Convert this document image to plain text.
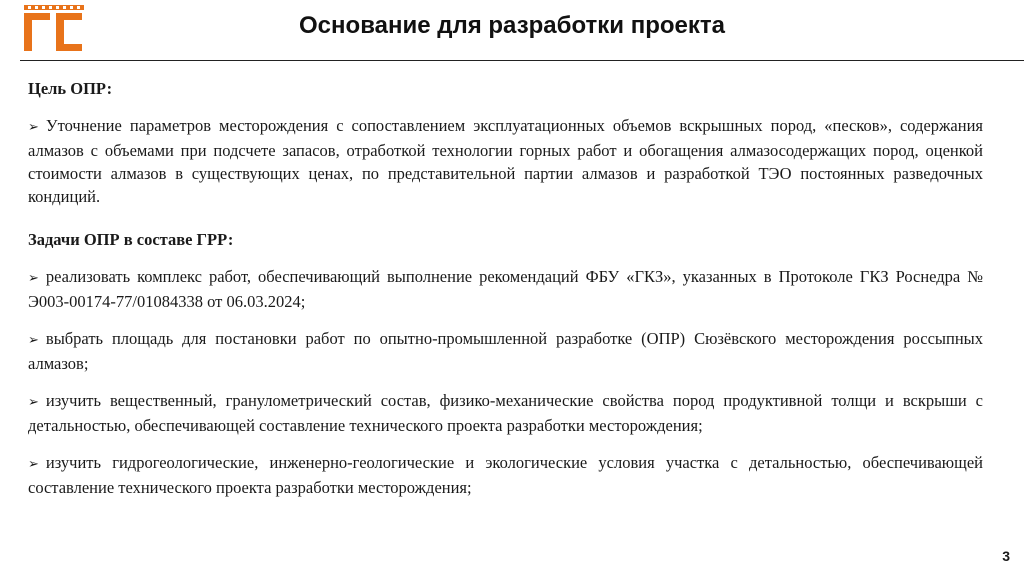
Основание для разработки проекта
Цель ОПР:
➢ Уточнение параметров месторождения с сопоставлением эксплуатационных объемов вскрышных пород, «песков», содержания алмазов с объемами при подсчете запасов, отработкой технологии горных работ и обогащения алмазосодержащих пород, оценкой стоимости алмазов в существующих ценах, по представительной партии алмазов и разработкой ТЭО постоянных разведочных кондиций.
Задачи ОПР в составе ГРР:
➢ реализовать комплекс работ, обеспечивающий выполнение рекомендаций ФБУ «ГКЗ», указанных в Протоколе ГКЗ Роснедра № Э003-00174-77/01084338 от 06.03.2024;
➢ выбрать площадь для постановки работ по опытно-промышленной разработке (ОПР) Сюзёвского месторождения россыпных алмазов;
➢ изучить вещественный, гранулометрический состав, физико-механические свойства пород продуктивной толщи и вскрыши с детальностью, обеспечивающей составление технического проекта разработки месторождения;
➢ изучить гидрогеологические, инженерно-геологические и экологические условия участка с детальностью, обеспечивающей составление технического проекта разработки месторождения;
3
